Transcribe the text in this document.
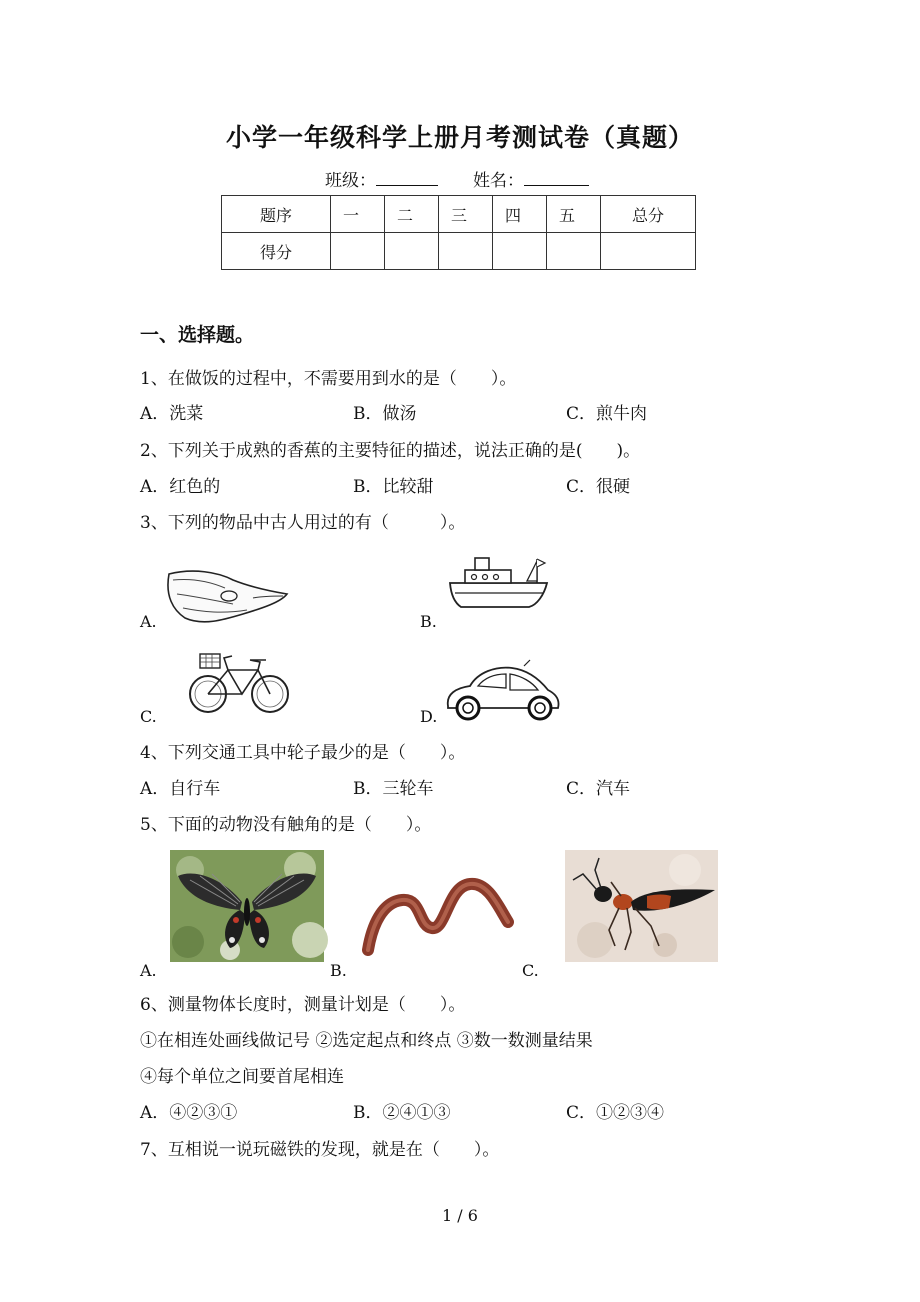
小学一年级科学上册月考测试卷（真题）
班级：	姓名：
题序	一	二	三	四	五	总分
得分						
一、选择题。
1、在做饭的过程中，不需要用到水的是（　　）。
A．洗菜	B．做汤	C．煎牛肉
2、下列关于成熟的香蕉的主要特征的描述，说法正确的是(　　)。
A．红色的	B．比较甜	C．很硬
3、下列的物品中古人用过的有（　　　）。
A.	B.
C.	D.
4、下列交通工具中轮子最少的是（　　）。
A．自行车	B．三轮车	C．汽车
5、下面的动物没有触角的是（　　）。
A.	B.	C.
6、测量物体长度时，测量计划是（　　）。
①在相连处画线做记号 ②选定起点和终点 ③数一数测量结果
④每个单位之间要首尾相连
A．④②③①	B．②④①③	C．①②③④
7、互相说一说玩磁铁的发现，就是在（　　）。
1 / 6
